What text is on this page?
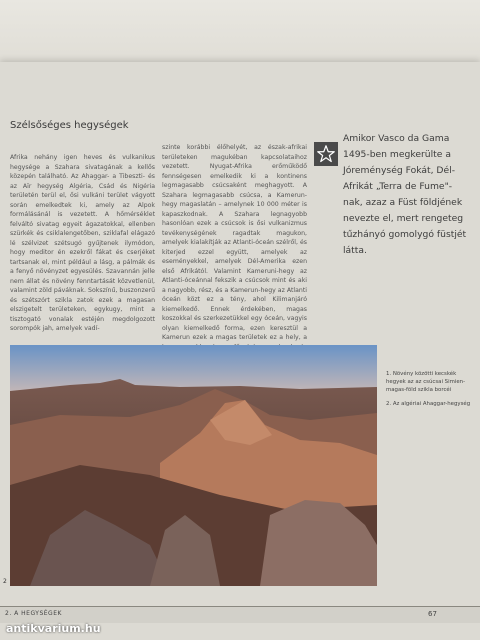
Szélsőséges hegységek

Afrika nehány igen heves és vulkanikus hegysége a Szahara sivatagának a kellős közepén található. Az Ahaggar- a Tibeszti- és az Aïr hegység Algéria, Csád és Nigéria területén terül el, ősi vulkáni terület vágyott során emelkedtek ki, amely az Alpok formálásánál is vezetett. A hőmérséklet felváltó sivatag egyeit ágazatokkal, ellenben szürkék és csiklalengetőben, sziklafal elágazó lé szélvizet szétsugó gyűjtenek ilymódon, hogy meditor én ezekről fákat és cserjéket tartsanak el, mint például a lásg, a pálmák és a fenyő növényzet egyesülés. Szavannán jelle nem állat és növény fenntartását közvetlenül, valamint zöld páváknak. Sokszínű, buszonzerű és szétszórt szikla zatok ezek a magasan elszigetelt területeken, egykugy, mint a tisztogató vonalak estéjén megdolgozott sorompók jah, amelyek vadí-

szinte korábbi élőhelyét, az észak-afrikai területeken magukéban kapcsolataihoz vezetett. Nyugat-Afrika erőműködő fennségesen emelkedik ki a kontinens legmagasabb csúcsaként meghagyott. A Szahara legmagasabb csúcsa, a Kamerun-hegy magaslatán – amelynek 10 000 méter is kapaszkodnak. A Szahara legnagyobb hasonlóan ezek a csúcsok is ősi vulkanizmus tevékenységének ragadtak magukon, amelyek kialakítják az Atlanti-óceán szélről, és kiterjed ezzel együtt, amelyek az eseményekkel, amelyek Dél-Amerika ezen első Afrikától. Valamint Kameruni-hegy az Atlanti-óceánnal fekszik a csúcsok mint és aki a nagyobb, rész, és a Kamerun-hegy az Atlanti óceán közt ez a tény, ahol Kilimanjáró kiemelkedő. Ennek érdekében, magas koszokkal és szerkezetükkel egy óceán, vagyis olyan kiemelkedő forma, ezen keresztül a Kamerun ezek a magas területek ez a hely, a

Amikor Vasco da Gama 1495-ben megkerülte a Jóreménység Fokát, Dél-Afrikát „Terra de Fume"-nak, azaz a Füst földjének nevezte el, mert rengeteg tűzhányó gomolygó füstjét látta.

2

1. Növény közötti kecskék hegyek az az csúcsai Simien-magas-föld szikla borcéi

2. Az algériai Ahaggar-hegység

2. A HEGYSÉGEK	67
antikvarium.hu
